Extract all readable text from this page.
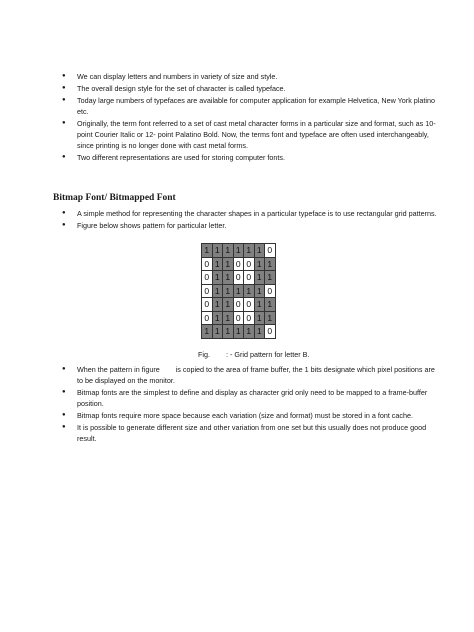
● We can display letters and numbers in variety of size and style.
● The overall design style for the set of character is called typeface.
● Today large numbers of typefaces are available for computer application for example Helvetica, New York platino etc.
● Originally, the term font referred to a set of cast metal character forms in a particular size and format, such as 10-point Courier Italic or 12- point Palatino Bold. Now, the terms font and typeface are often used interchangeably, since printing is no longer done with cast metal forms.
● Two different representations are used for storing computer fonts.
Bitmap Font/ Bitmapped Font
● A simple method for representing the character shapes in a particular typeface is to use rectangular grid patterns.
● Figure below shows pattern for particular letter.
1	1	1	1	1	1	0
0	1	1	0	0	1	1
0	1	1	0	0	1	1
0	1	1	1	1	1	0
0	1	1	0	0	1	1
0	1	1	0	0	1	1
1	1	1	1	1	1	0
Fig. : - Grid pattern for letter B.
● When the pattern in figure        is copied to the area of frame buffer, the 1 bits designate which pixel positions are to be displayed on the monitor.
● Bitmap fonts are the simplest to define and display as character grid only need to be mapped to a frame-buffer position.
● Bitmap fonts require more space because each variation (size and format) must be stored in a font cache.
● It is possible to generate different size and other variation from one set but this usually does not produce good result.
